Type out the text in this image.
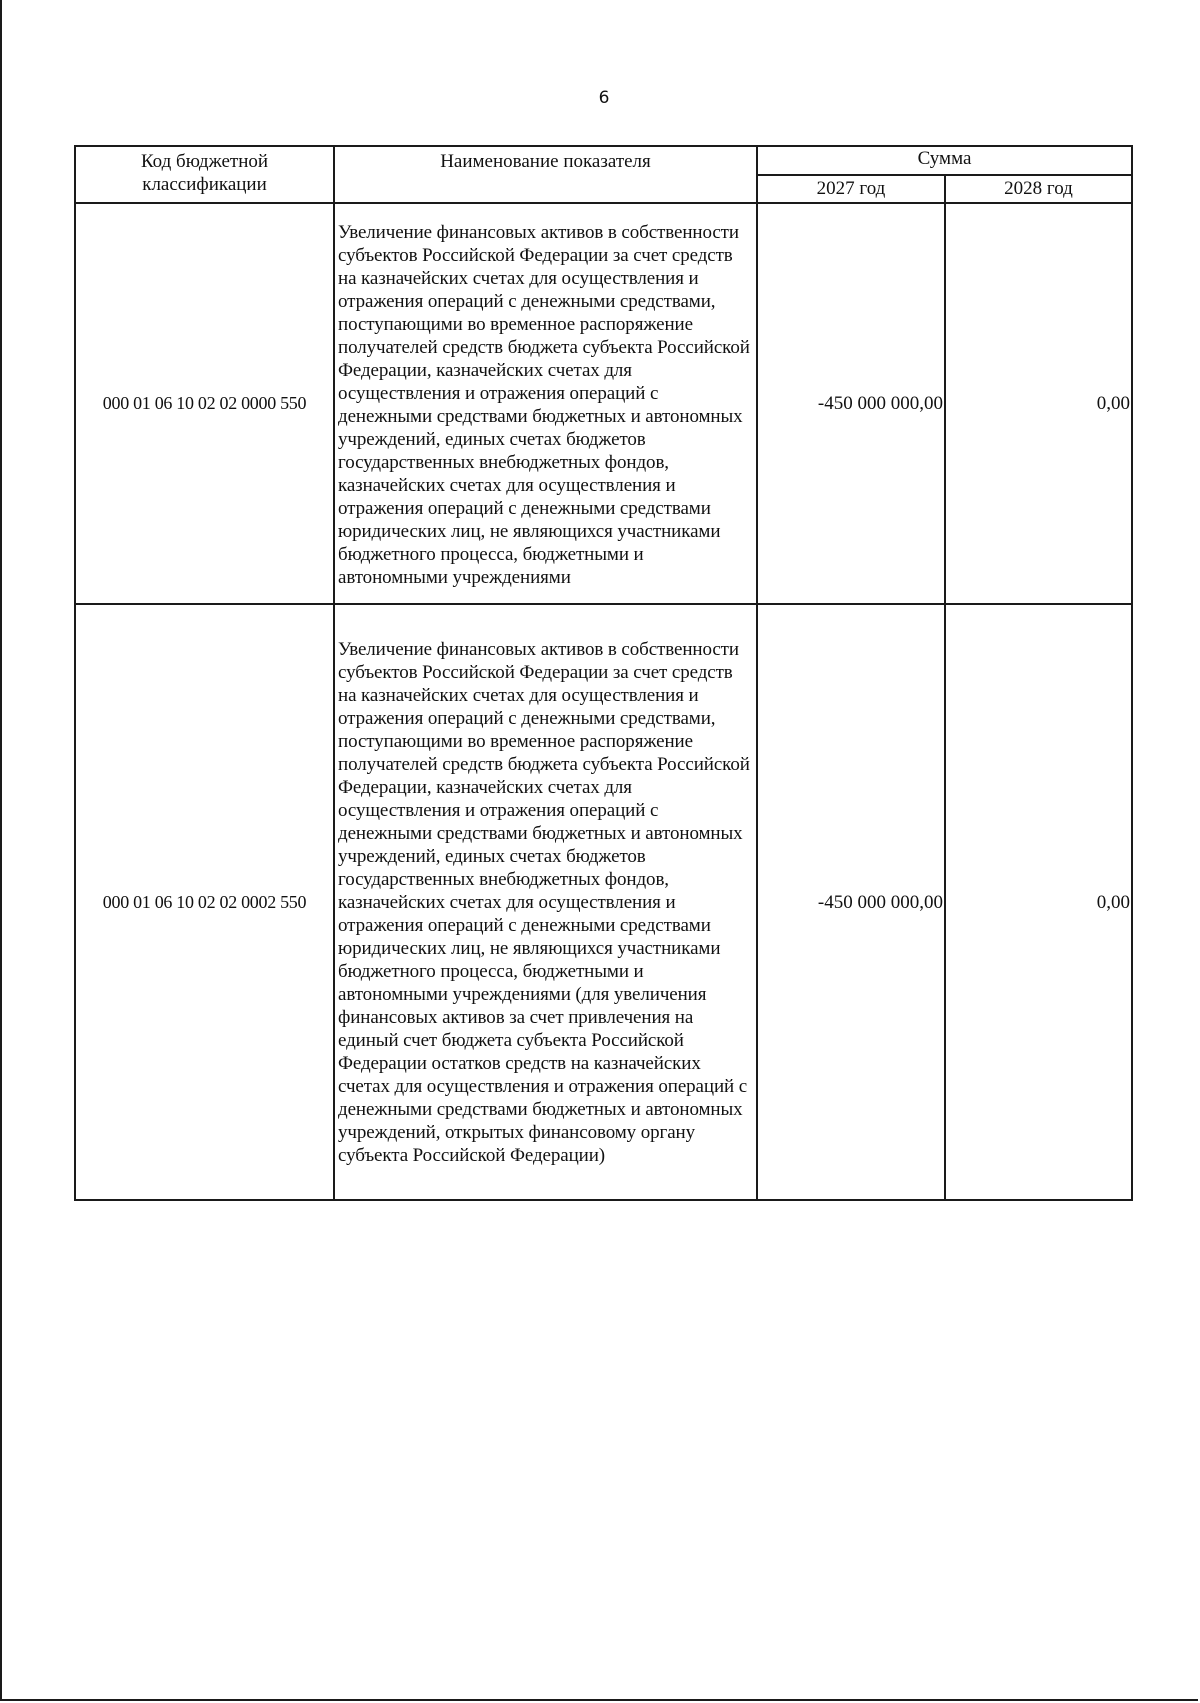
6
Код бюджетной классификации	Наименование показателя	Сумма	
		2027 год	2028 год
000 01 06 10 02 02 0000 550	Увеличение финансовых активов в собственности субъектов Российской Федерации за счет средств на казначейских счетах для осуществления и отражения операций с денежными средствами, поступающими во временное распоряжение получателей средств бюджета субъекта Российской Федерации, казначейских счетах для осуществления и отражения операций с денежными средствами бюджетных и автономных учреждений, единых счетах бюджетов государственных внебюджетных фондов, казначейских счетах для осуществления и отражения операций с денежными средствами юридических лиц, не являющихся участниками бюджетного процесса, бюджетными и автономными учреждениями	-450 000 000,00	0,00
000 01 06 10 02 02 0002 550	Увеличение финансовых активов в собственности субъектов Российской Федерации за счет средств на казначейских счетах для осуществления и отражения операций с денежными средствами, поступающими во временное распоряжение получателей средств бюджета субъекта Российской Федерации, казначейских счетах для осуществления и отражения операций с денежными средствами бюджетных и автономных учреждений, единых счетах бюджетов государственных внебюджетных фондов, казначейских счетах для осуществления и отражения операций с денежными средствами юридических лиц, не являющихся участниками бюджетного процесса, бюджетными и автономными учреждениями (для увеличения финансовых активов за счет привлечения на единый счет бюджета субъекта Российской Федерации остатков средств на казначейских счетах для осуществления и отражения операций с денежными средствами бюджетных и автономных учреждений, открытых финансовому органу субъекта Российской Федерации)	-450 000 000,00	0,00
